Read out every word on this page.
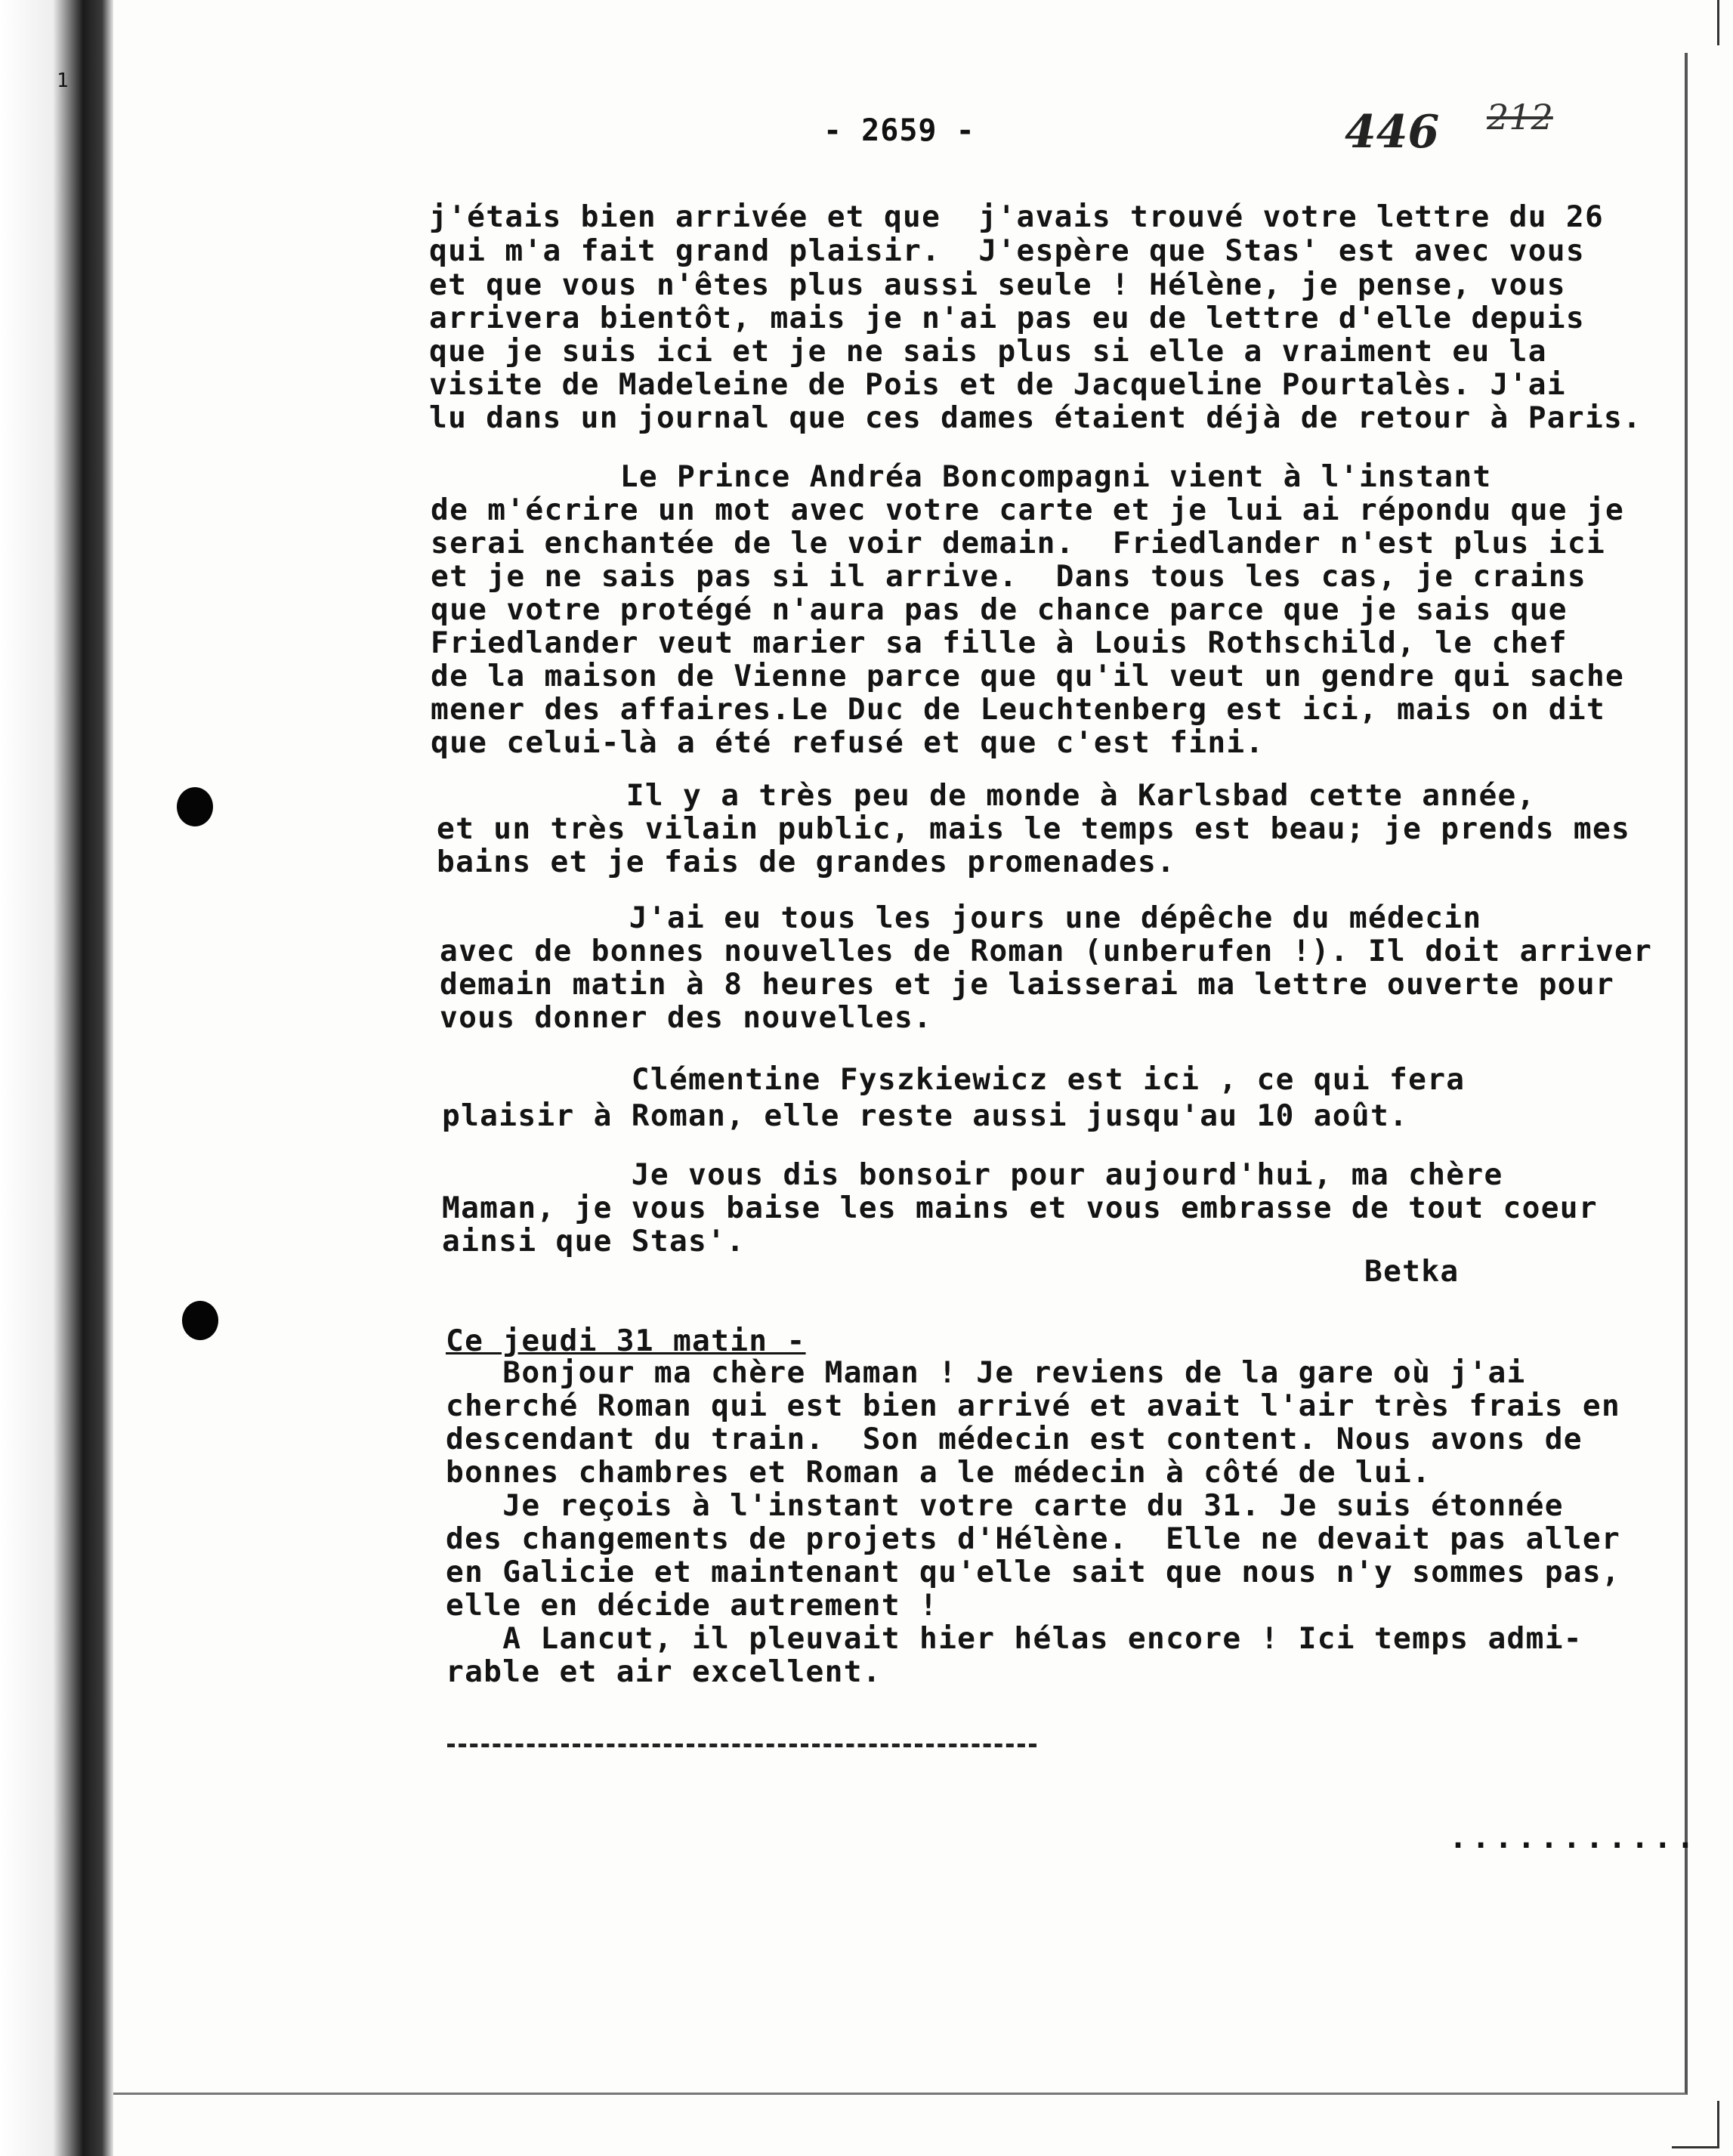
1
- 2659 -	446 212
j'étais bien arrivée et que  j'avais trouvé votre lettre du 26
qui m'a fait grand plaisir.  J'espère que Stas' est avec vous
et que vous n'êtes plus aussi seule ! Hélène, je pense, vous
arrivera bientôt, mais je n'ai pas eu de lettre d'elle depuis
que je suis ici et je ne sais plus si elle a vraiment eu la
visite de Madeleine de Pois et de Jacqueline Pourtalès. J'ai
lu dans un journal que ces dames étaient déjà de retour à Paris.
Le Prince Andréa Boncompagni vient à l'instant
de m'écrire un mot avec votre carte et je lui ai répondu que je
serai enchantée de le voir demain.  Friedlander n'est plus ici
et je ne sais pas si il arrive.  Dans tous les cas, je crains
que votre protégé n'aura pas de chance parce que je sais que
Friedlander veut marier sa fille à Louis Rothschild, le chef
de la maison de Vienne parce que qu'il veut un gendre qui sache
mener des affaires.Le Duc de Leuchtenberg est ici, mais on dit
que celui-là a été refusé et que c'est fini.
Il y a très peu de monde à Karlsbad cette année,
et un très vilain public, mais le temps est beau; je prends mes
bains et je fais de grandes promenades.
J'ai eu tous les jours une dépêche du médecin
avec de bonnes nouvelles de Roman (unberufen !). Il doit arriver
demain matin à 8 heures et je laisserai ma lettre ouverte pour
vous donner des nouvelles.
Clémentine Fyszkiewicz est ici , ce qui fera
plaisir à Roman, elle reste aussi jusqu'au 10 août.
Je vous dis bonsoir pour aujourd'hui, ma chère
Maman, je vous baise les mains et vous embrasse de tout coeur
ainsi que Stas'.
Betka
Ce jeudi 31 matin -
Bonjour ma chère Maman ! Je reviens de la gare où j'ai
cherché Roman qui est bien arrivé et avait l'air très frais en
descendant du train.  Son médecin est content. Nous avons de
bonnes chambres et Roman a le médecin à côté de lui.
Je reçois à l'instant votre carte du 31. Je suis étonnée
des changements de projets d'Hélène.  Elle ne devait pas aller
en Galicie et maintenant qu'elle sait que nous n'y sommes pas,
elle en décide autrement !
A Lancut, il pleuvait hier hélas encore ! Ici temps admi-
rable et air excellent.
...........
